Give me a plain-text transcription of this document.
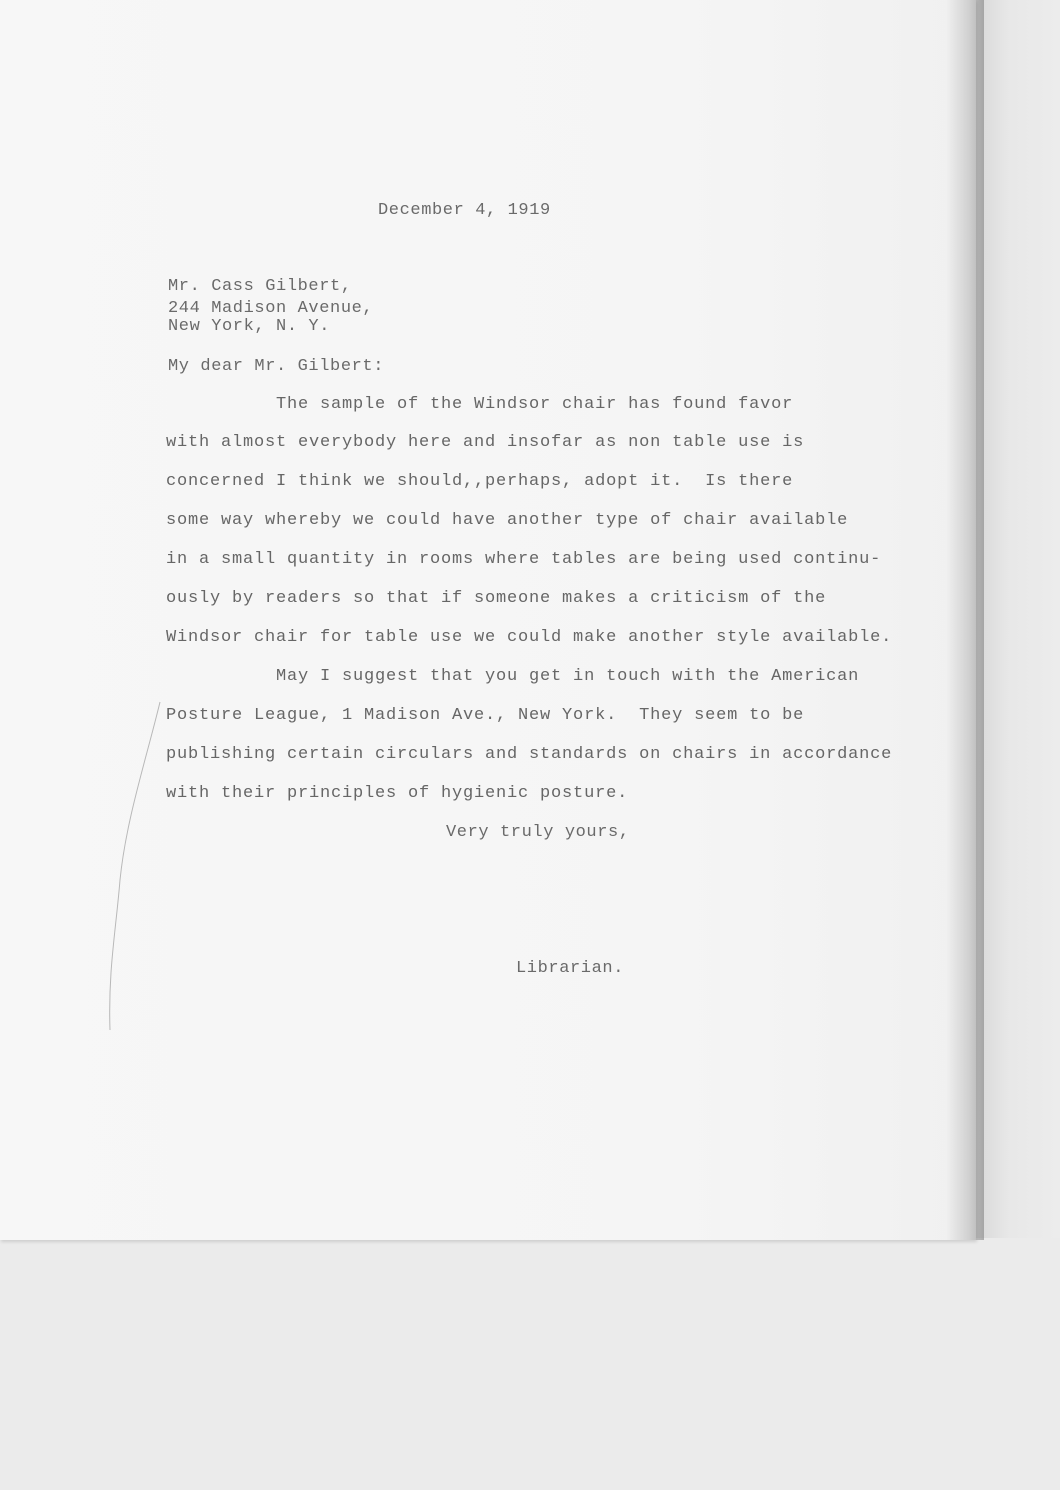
December 4, 1919
Mr. Cass Gilbert,
244 Madison Avenue,
New York, N. Y.
My dear Mr. Gilbert:
The sample of the Windsor chair has found favor
with almost everybody here and insofar as non table use is
concerned I think we should,,perhaps, adopt it.  Is there
some way whereby we could have another type of chair available
in a small quantity in rooms where tables are being used continu-
ously by readers so that if someone makes a criticism of the
Windsor chair for table use we could make another style available.
May I suggest that you get in touch with the American
Posture League, 1 Madison Ave., New York.  They seem to be
publishing certain circulars and standards on chairs in accordance
with their principles of hygienic posture.
Very truly yours,
Librarian.
